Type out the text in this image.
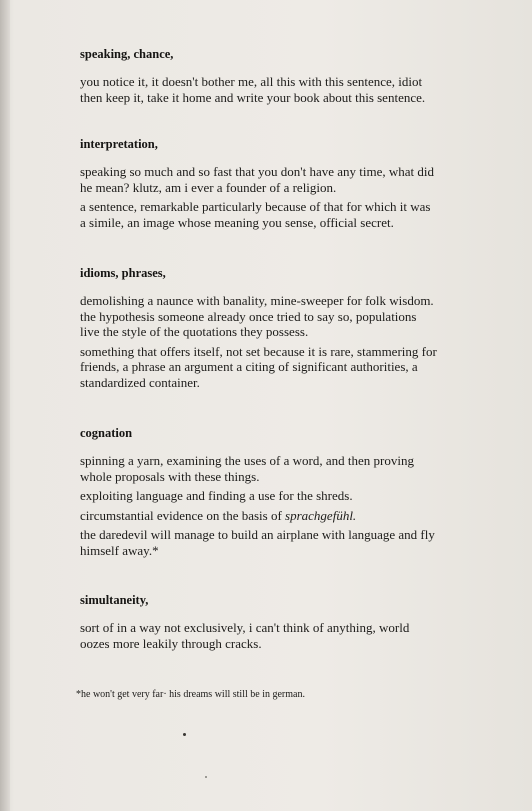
speaking, chance,

you notice it, it doesn't bother me, all this with this sentence, idiot then keep it, take it home and write your book about this sentence.

interpretation,

speaking so much and so fast that you don't have any time, what did he mean? klutz, am i ever a founder of a religion.

a sentence, remarkable particularly because of that for which it was a simile, an image whose meaning you sense, official secret.

idioms, phrases,

demolishing a naunce with banality, mine-sweeper for folk wisdom. the hypothesis someone already once tried to say so, populations live the style of the quotations they possess.

something that offers itself, not set because it is rare, stammering for friends, a phrase an argument a citing of significant authorities, a standardized container.

cognation

spinning a yarn, examining the uses of a word, and then proving whole proposals with these things.

exploiting language and finding a use for the shreds.

circumstantial evidence on the basis of sprachgefühl.

the daredevil will manage to build an airplane with language and fly himself away.*

simultaneity,

sort of in a way not exclusively, i can't think of anything, world oozes more leakily through cracks.

*he won't get very far· his dreams will still be in german.
